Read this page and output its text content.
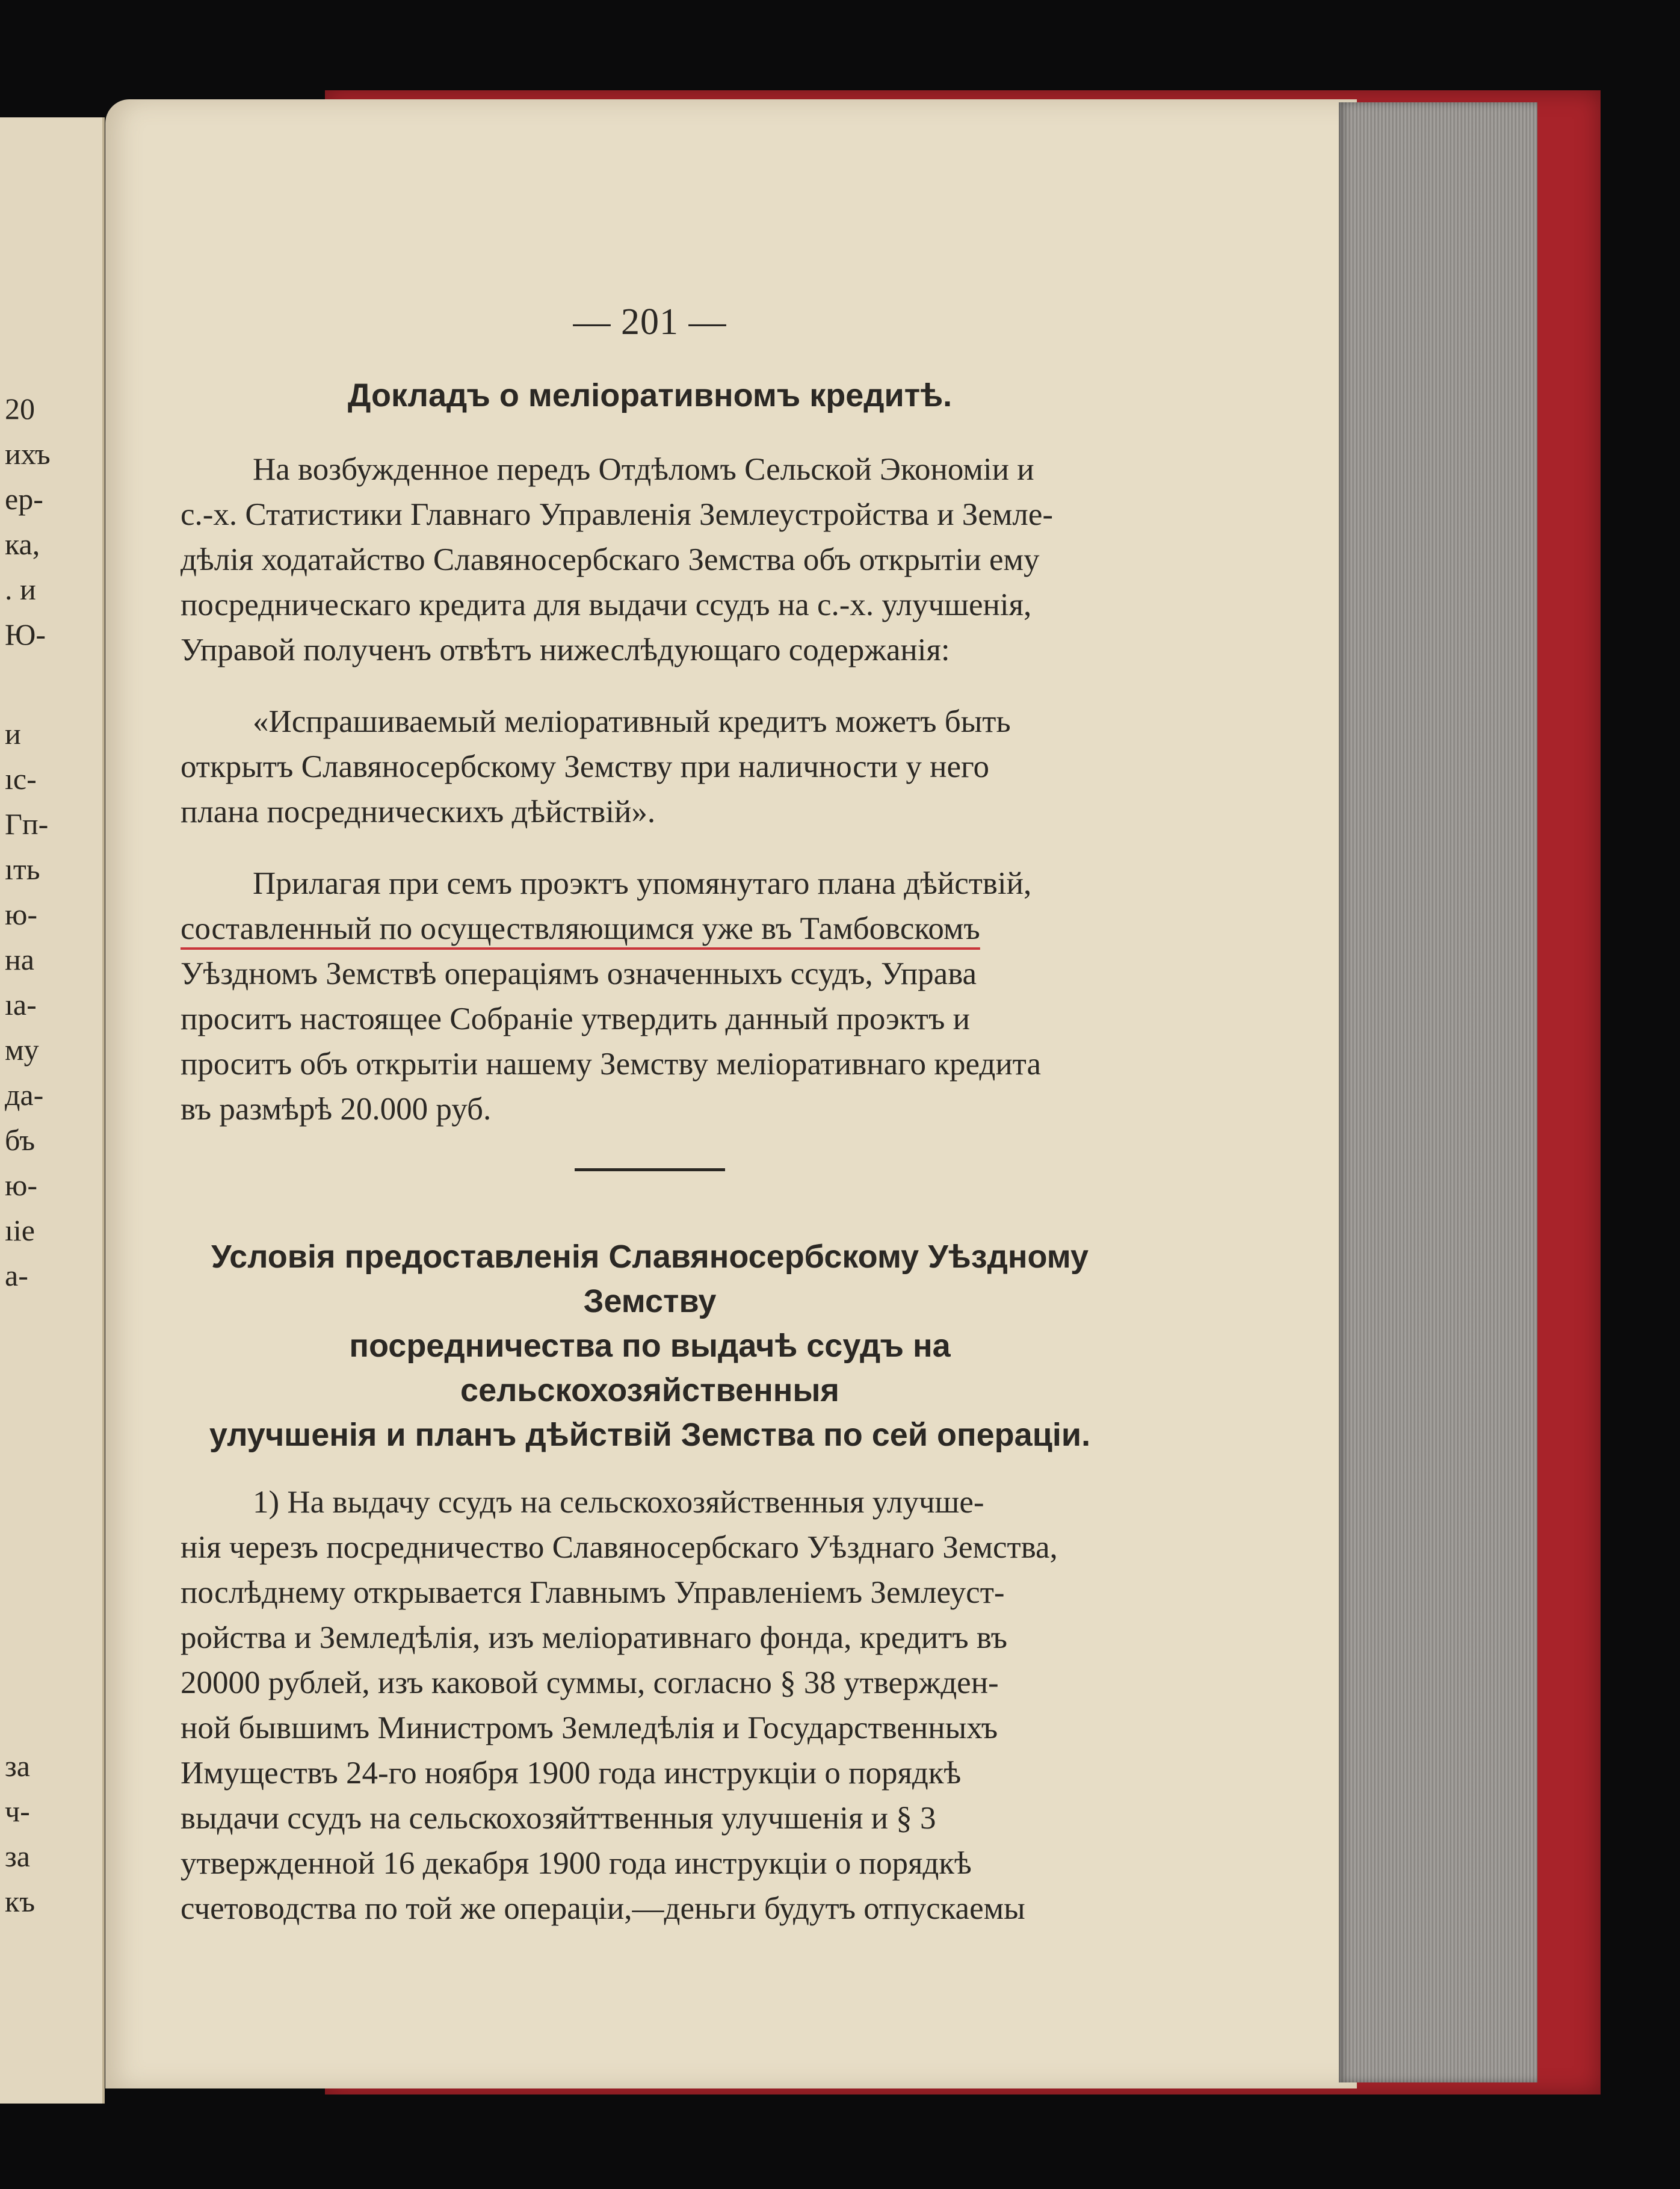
20
ихъ
ер-
ка,
. и
Ю-
и
ıс-
Гп-
ıть
ю-
на
ıа-
му
да-
бъ
ю-
ıіе
а-
за
ч-
за
къ
— 201 —
Докладъ о меліоративномъ кредитѣ.

На возбужденное передъ Отдѣломъ Сельской Экономіи и
с.-х. Статистики Главнаго Управленія Землеустройства и Земле-
дѣлія ходатайство Славяносербскаго Земства объ открытіи ему
посредническаго кредита для выдачи ссудъ на с.-х. улучшенія,
Управой полученъ отвѣтъ нижеслѣдующаго содержанія:

«Испрашиваемый меліоративный кредитъ можетъ быть
открытъ Славяносербскому Земству при наличности у него
плана посредническихъ дѣйствій».

Прилагая при семъ проэктъ упомянутаго плана дѣйствій,
составленный по осуществляющимся уже въ Тамбовскомъ
Уѣздномъ Земствѣ операціямъ означенныхъ ссудъ, Управа
проситъ настоящее Собраніе утвердить данный проэктъ и
проситъ объ открытіи нашему Земству меліоративнаго кредита
въ размѣрѣ 20.000 руб.

Условія предоставленія Славяносербскому Уѣздному Земству
посредничества по выдачѣ ссудъ на сельскохозяйственныя
улучшенія и планъ дѣйствій Земства по сей операціи.

1) На выдачу ссудъ на сельскохозяйственныя улучше-
нія черезъ посредничество Славяносербскаго Уѣзднаго Земства,
послѣднему открывается Главнымъ Управленіемъ Землеуст-
ройства и Земледѣлія, изъ меліоративнаго фонда, кредитъ въ
20000 рублей, изъ каковой суммы, согласно § 38 утвержден-
ной бывшимъ Министромъ Земледѣлія и Государственныхъ
Имуществъ 24-го ноября 1900 года инструкціи о порядкѣ
выдачи ссудъ на сельскохозяйттвенныя улучшенія и § 3
утвержденной 16 декабря 1900 года инструкціи о порядкѣ
счетоводства по той же операціи,—деньги будутъ отпускаемы
